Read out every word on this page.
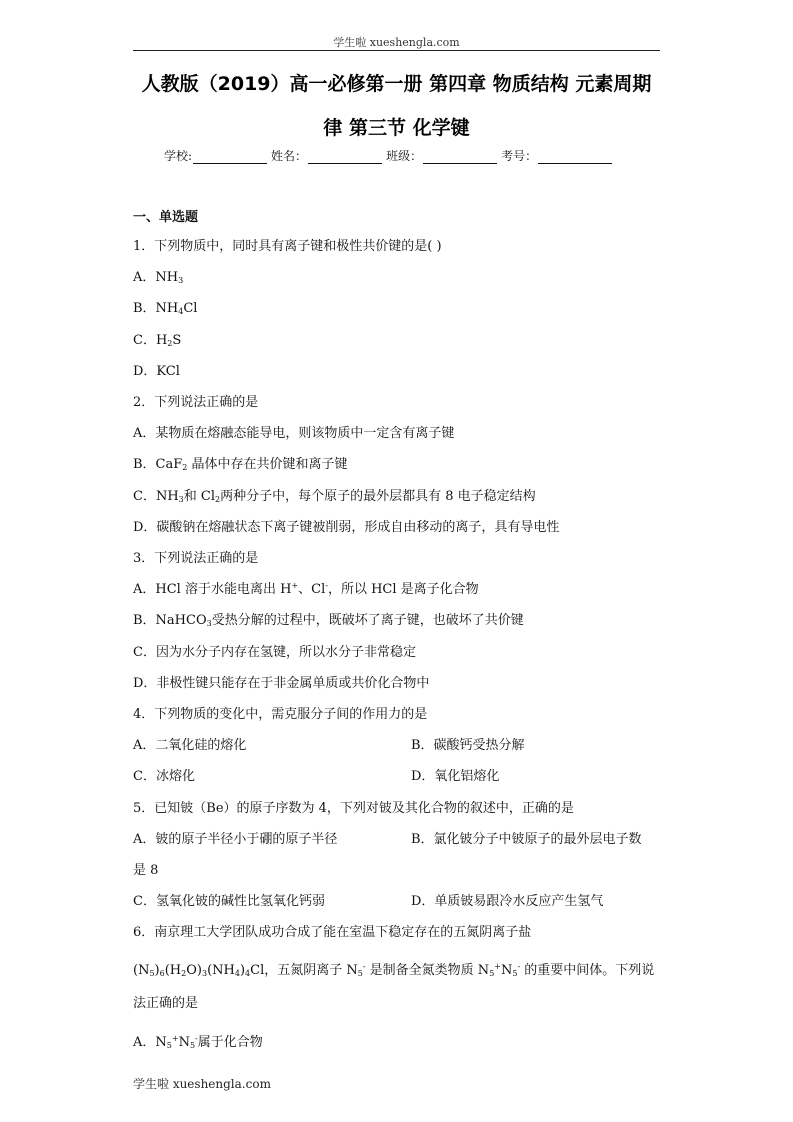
学生啦 xueshengla.com
人教版（2019）高一必修第一册 第四章 物质结构 元素周期
律 第三节 化学键
学校:	姓名：	班级：	考号：
一、单选题
1．下列物质中，同时具有离子键和极性共价键的是( )
A．$NH_3$
B．$NH_4Cl$
C．$H_2S$
D．KCl
2．下列说法正确的是
A．某物质在熔融态能导电，则该物质中一定含有离子键
B．CaF$_2$ 晶体中存在共价键和离子键
C．$NH_3$和 $Cl_2$两种分子中，每个原子的最外层都具有 8 电子稳定结构
D．碳酸钠在熔融状态下离子键被削弱，形成自由移动的离子，具有导电性
3．下列说法正确的是
A．HCl 溶于水能电离出 H+、Cl-，所以 HCl 是离子化合物
B．NaHCO$_3$受热分解的过程中，既破坏了离子键，也破坏了共价键
C．因为水分子内存在氢键，所以水分子非常稳定
D．非极性键只能存在于非金属单质或共价化合物中
4．下列物质的变化中，需克服分子间的作用力的是
A．二氧化硅的熔化	B．碳酸钙受热分解
C．冰熔化	D．氧化铝熔化
5．已知铍（Be）的原子序数为 4，下列对铍及其化合物的叙述中，正确的是
A．铍的原子半径小于硼的原子半径	B．氯化铍分子中铍原子的最外层电子数
是 8
C．氢氧化铍的碱性比氢氧化钙弱	D．单质铍易跟冷水反应产生氢气
6．南京理工大学团队成功合成了能在室温下稳定存在的五氮阴离子盐
$(N_5)_6(H_2O)_3(NH_4)_4Cl$，五氮阴离子 $N_5^-$ 是制备全氮类物质 $N_5^+N_5^-$ 的重要中间体。下列说
法正确的是
A．$N_5^+N_5^-$属于化合物
学生啦 xueshengla.com
